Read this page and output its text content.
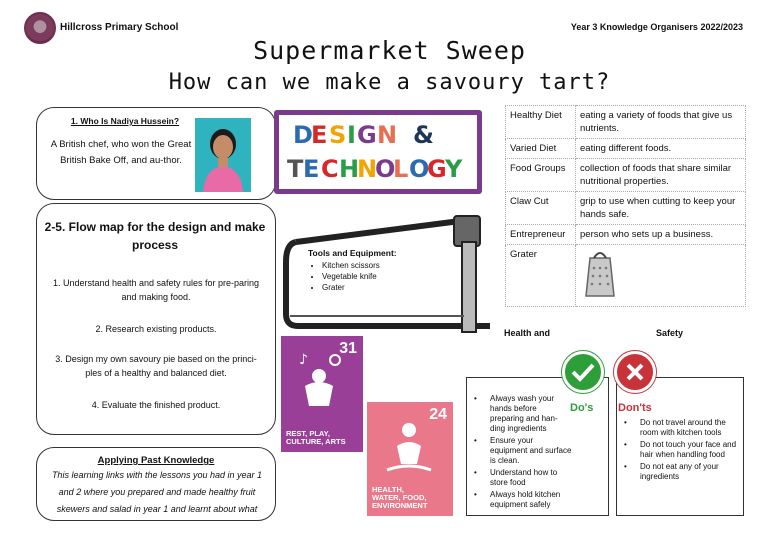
Hillcross Primary School	Year 3 Knowledge Organisers 2022/2023
Supermarket Sweep
How can we make a savoury tart?
1. Who Is Nadiya Hussein?
A British chef, who won the Great British Bake Off, and au-thor.
2-5. Flow map for the design and make process
1. Understand health and safety rules for pre-paring and making food.
2. Research existing products.
3. Design my own savoury pie based on the princi-ples of a healthy and balanced diet.
4. Evaluate the finished product.
Applying Past Knowledge
This learning links with the lessons you had in year 1 and 2 where you prepared and made healthy fruit skewers and salad in year 1 and learnt about what
D
E S I G N &
T E C H
N
O
L O
G
Y
Tools and Equipment:
• Kitchen scissors
• Vegetable knife
• Grater
31
♪
REST, PLAY,
CULTURE, ARTS
24
HEALTH,
WATER, FOOD,
ENVIRONMENT
Healthy Diet	eating a variety of foods that give us nutrients.
Varied Diet	eating different foods.
Food Groups	collection of foods that share similar nutritional properties.
Claw Cut	grip to use when cutting to keep your hands safe.
Entrepreneur	person who sets up a business.
Grater	
Health and	Safety
Do's Don'ts
• Always wash your hands before preparing and han-ding ingredients
• Ensure your equipment and surface is clean.
• Understand how to store food
• Always hold kitchen equipment safely
• Do not travel around the room with kitchen tools
• Do not touch your face and hair when handling food
• Do not eat any of your ingredients
